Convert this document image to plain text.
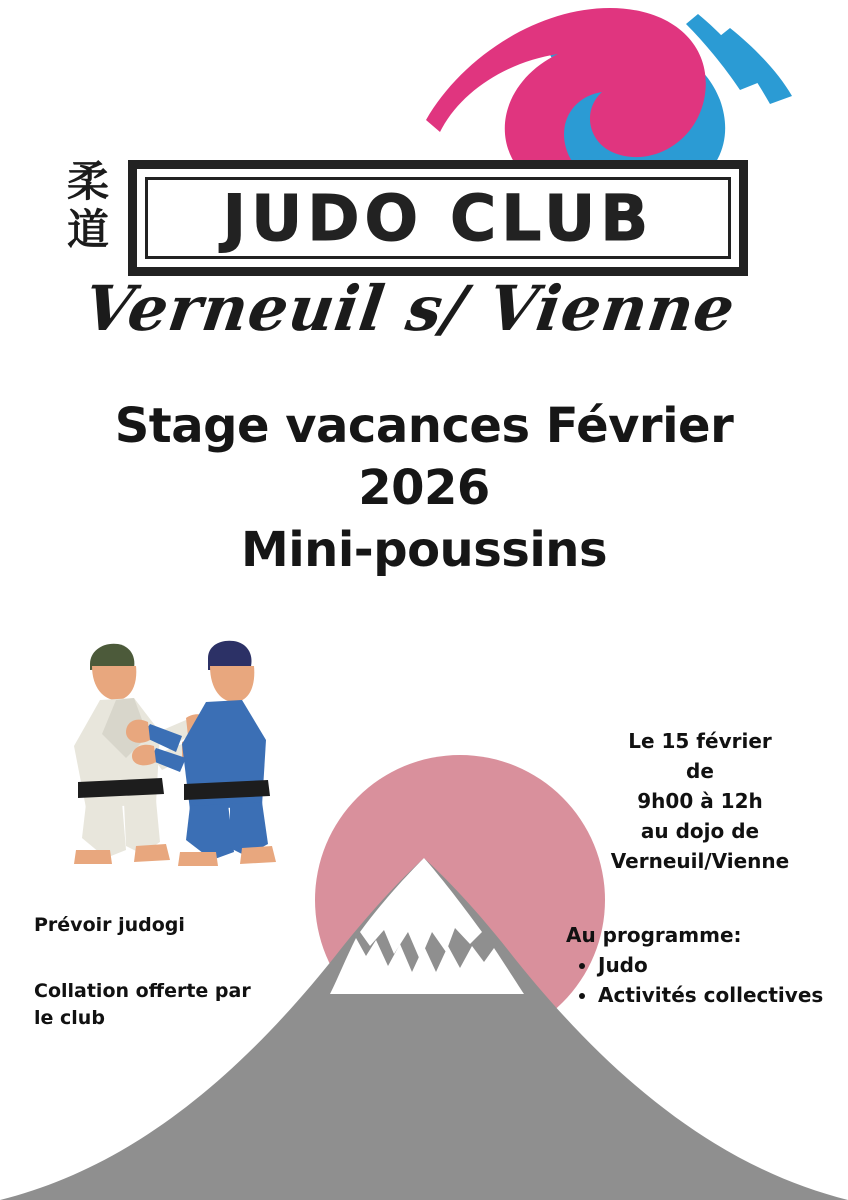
柔道	JUDO CLUB
Verneuil s/ Vienne
Stage vacances Février
2026
Mini-poussins
Le 15 février
de
9h00 à 12h
au dojo de
Verneuil/Vienne
Au programme:
• Judo
• Activités collectives
Prévoir judogi
Collation offerte par le club
